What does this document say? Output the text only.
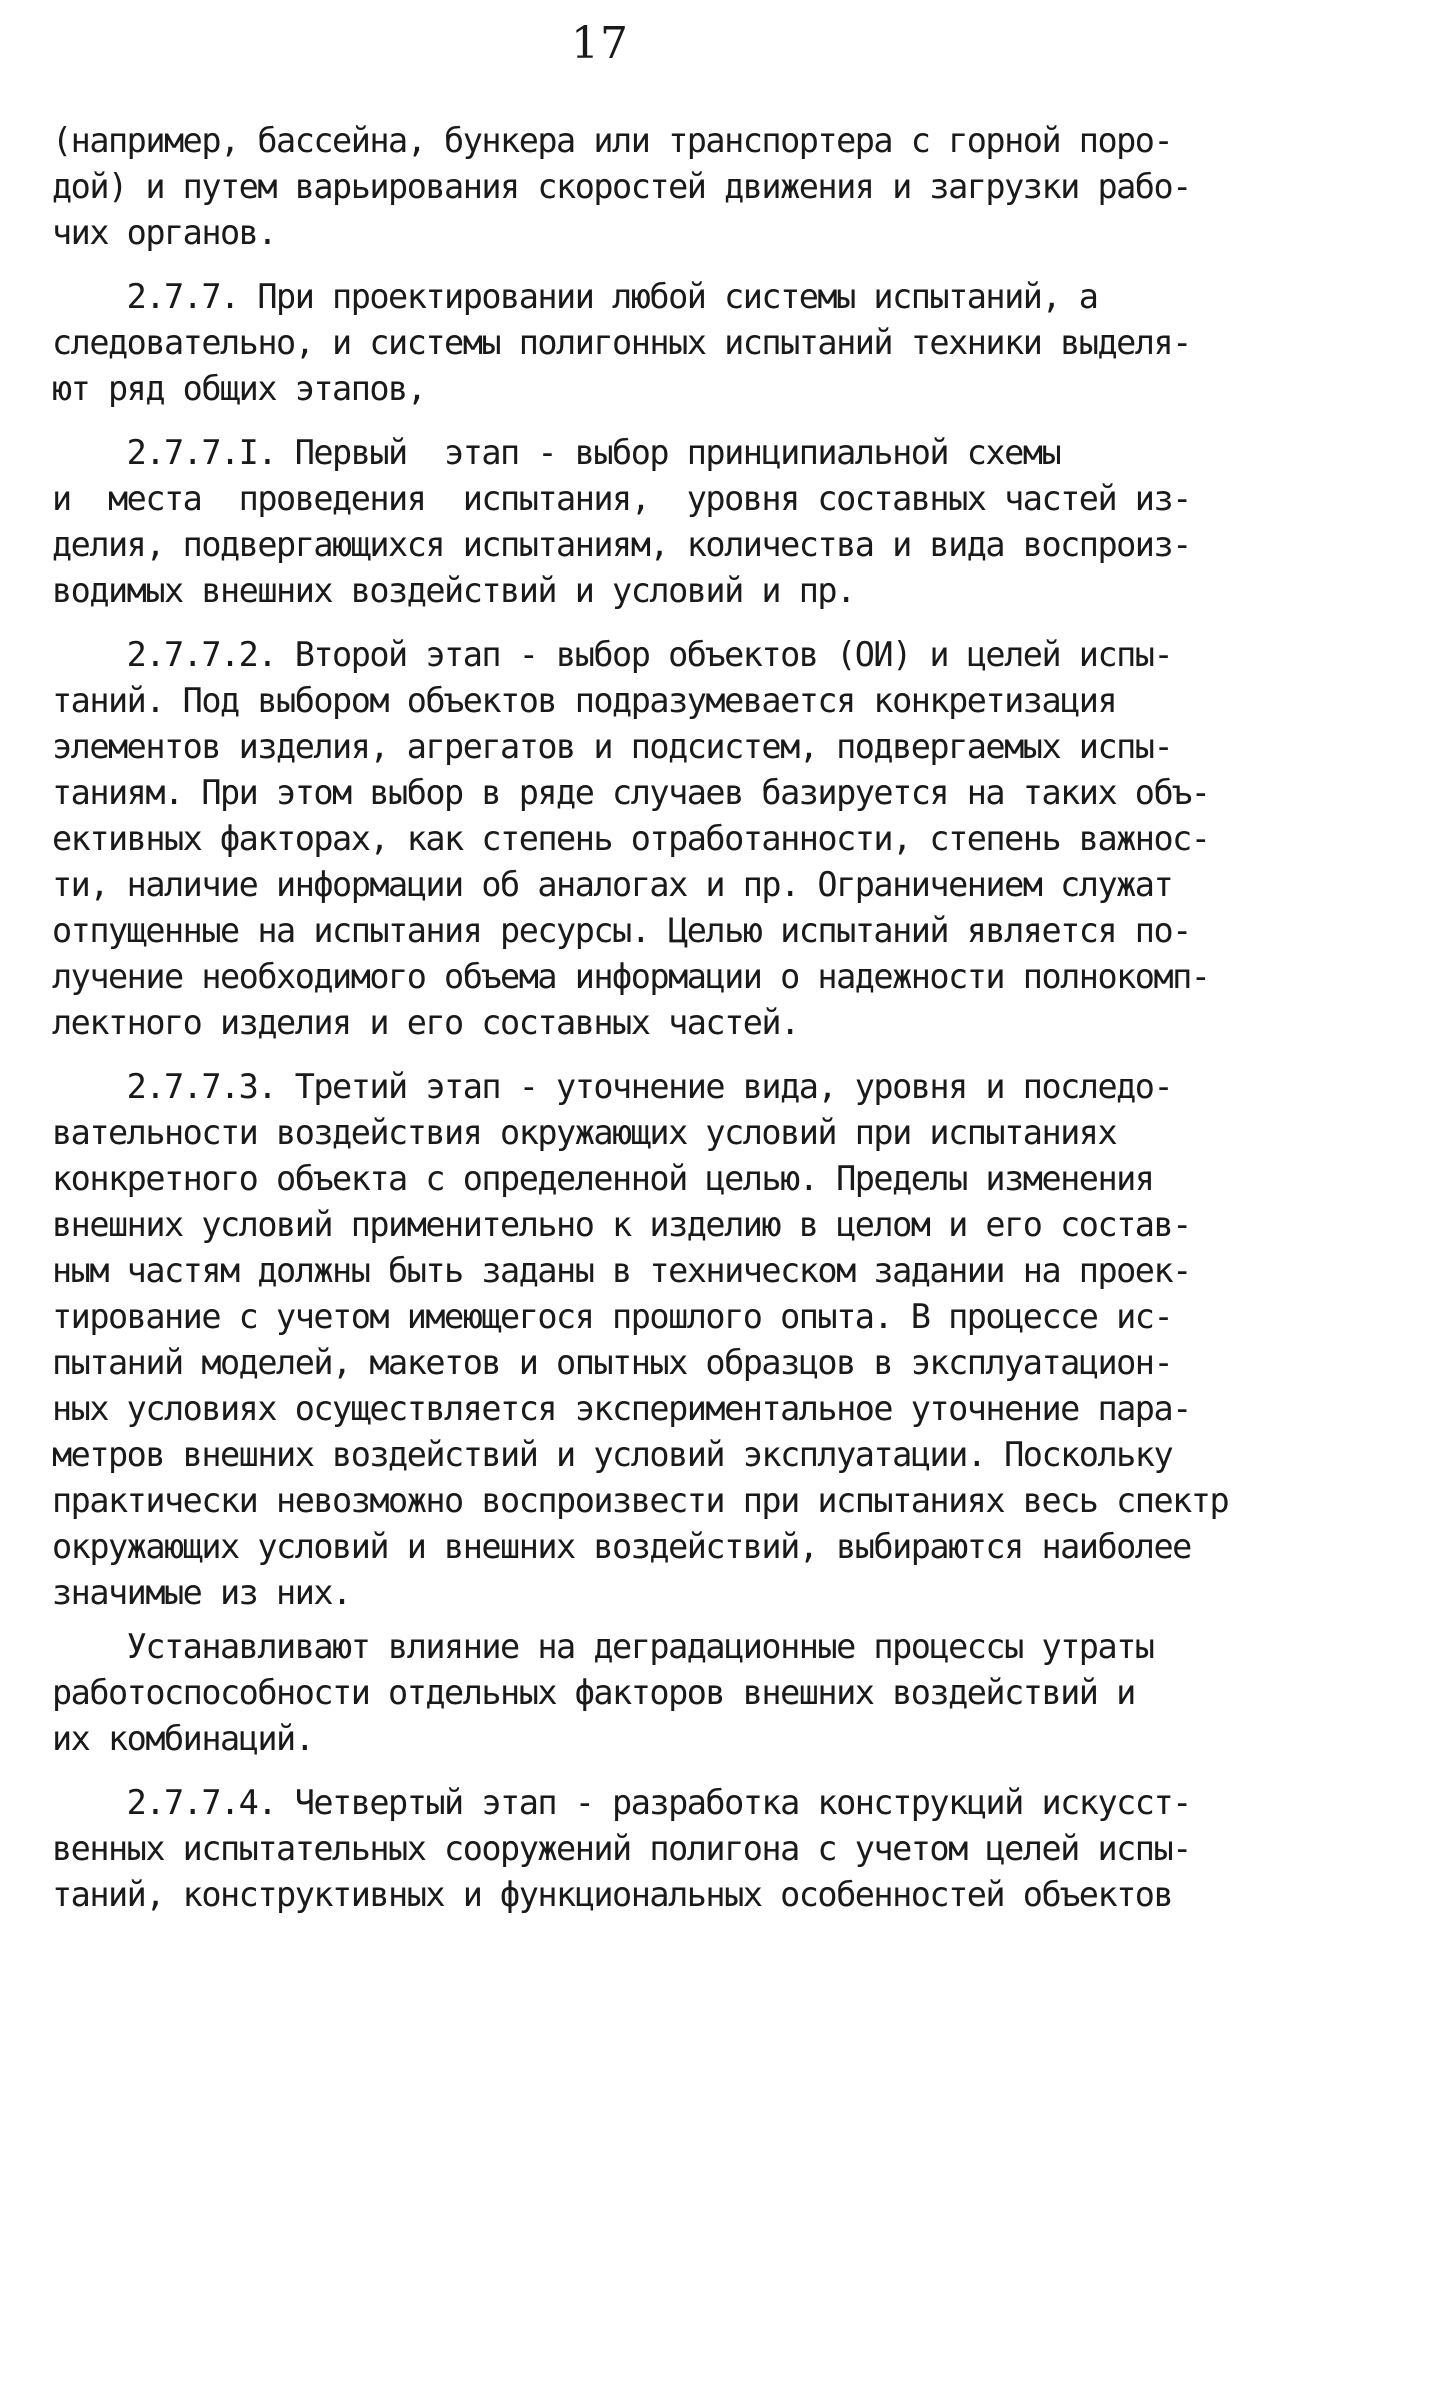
17
(например, бассейна, бункера или транспортера с горной поро-
дой) и путем варьирования скоростей движения и загрузки рабо-
чих органов.
2.7.7. При проектировании любой системы испытаний, а
следовательно, и системы полигонных испытаний техники выделя-
ют ряд общих этапов,
2.7.7.I. Первый  этап - выбор принципиальной схемы
и  места  проведения  испытания,  уровня составных частей из-
делия, подвергающихся испытаниям, количества и вида воспроиз-
водимых внешних воздействий и условий и пр.
2.7.7.2. Второй этап - выбор объектов (ОИ) и целей испы-
таний. Под выбором объектов подразумевается конкретизация
элементов изделия, агрегатов и подсистем, подвергаемых испы-
таниям. При этом выбор в ряде случаев базируется на таких объ-
ективных факторах, как степень отработанности, степень важнос-
ти, наличие информации об аналогах и пр. Ограничением служат
отпущенные на испытания ресурсы. Целью испытаний является по-
лучение необходимого объема информации о надежности полнокомп-
лектного изделия и его составных частей.
2.7.7.3. Третий этап - уточнение вида, уровня и последо-
вательности воздействия окружающих условий при испытаниях
конкретного объекта с определенной целью. Пределы изменения
внешних условий применительно к изделию в целом и его состав-
ным частям должны быть заданы в техническом задании на проек-
тирование с учетом имеющегося прошлого опыта. В процессе ис-
пытаний моделей, макетов и опытных образцов в эксплуатацион-
ных условиях осуществляется экспериментальное уточнение пара-
метров внешних воздействий и условий эксплуатации. Поскольку
практически невозможно воспроизвести при испытаниях весь спектр
окружающих условий и внешних воздействий, выбираются наиболее
значимые из них.
Устанавливают влияние на деградационные процессы утраты
работоспособности отдельных факторов внешних воздействий и
их комбинаций.
2.7.7.4. Четвертый этап - разработка конструкций искусст-
венных испытательных сооружений полигона с учетом целей испы-
таний, конструктивных и функциональных особенностей объектов
